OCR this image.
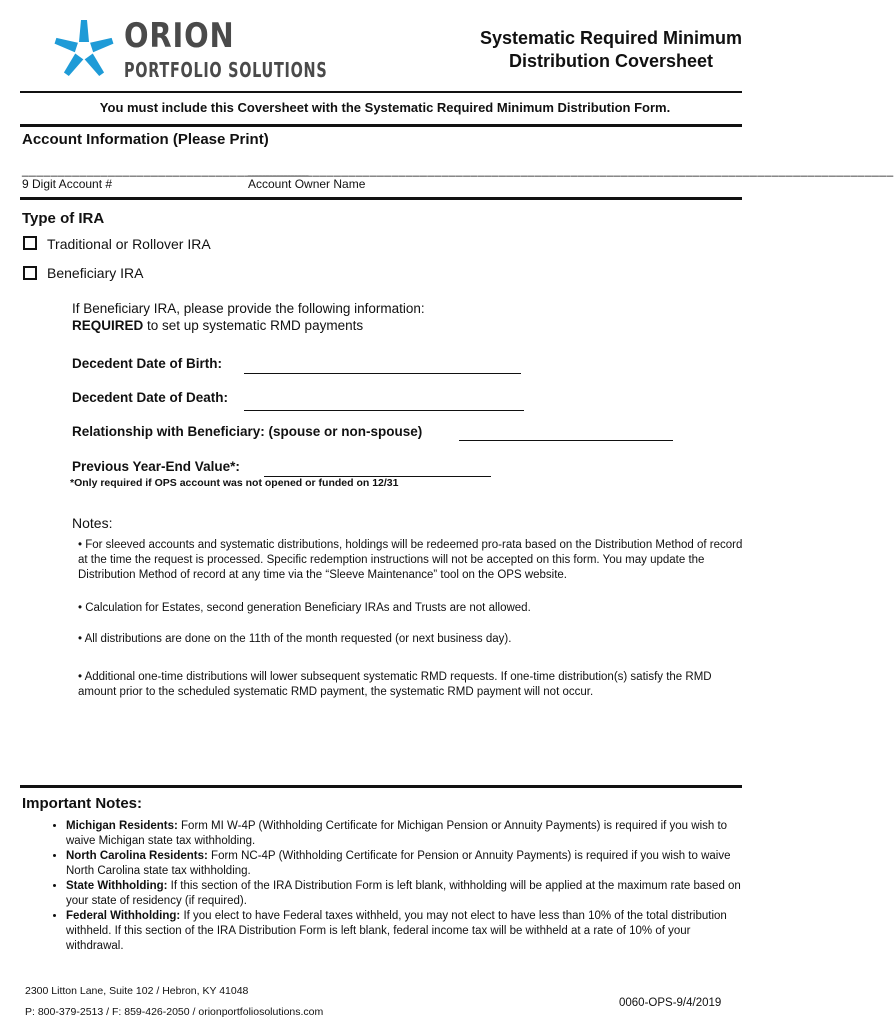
ORION
PORTFOLIO SOLUTIONS
Systematic Required Minimum
Distribution Coversheet
You must include this Coversheet with the Systematic Required Minimum Distribution Form.
Account Information (Please Print)
________________________________________
9 Digit Account #
__________________________________________________________________________________________
Account Owner Name
Type of IRA
Traditional or Rollover IRA
Beneficiary IRA
If Beneficiary IRA, please provide the following information:
REQUIRED to set up systematic RMD payments
Decedent Date of Birth:
Decedent Date of Death:
Relationship with Beneficiary: (spouse or non-spouse)
Previous Year-End Value*:
*Only required if OPS account was not opened or funded on 12/31
Notes:
• For sleeved accounts and systematic distributions, holdings will be redeemed pro-rata based on the Distribution Method of record at the time the request is processed. Specific redemption instructions will not be accepted on this form. You may update the Distribution Method of record at any time via the “Sleeve Maintenance” tool on the OPS website.
• Calculation for Estates, second generation Beneficiary IRAs and Trusts are not allowed.
• All distributions are done on the 11th of the month requested (or next business day).
• Additional one-time distributions will lower subsequent systematic RMD requests. If one-time distribution(s) satisfy the RMD amount prior to the scheduled systematic RMD payment, the systematic RMD payment will not occur.
Important Notes:
• Michigan Residents: Form MI W-4P (Withholding Certificate for Michigan Pension or Annuity Payments) is required if you wish to waive Michigan state tax withholding.
• North Carolina Residents: Form NC-4P (Withholding Certificate for Pension or Annuity Payments) is required if you wish to waive North Carolina state tax withholding.
• State Withholding: If this section of the IRA Distribution Form is left blank, withholding will be applied at the maximum rate based on your state of residency (if required).
• Federal Withholding: If you elect to have Federal taxes withheld, you may not elect to have less than 10% of the total distribution withheld. If this section of the IRA Distribution Form is left blank, federal income tax will be withheld at a rate of 10% of your withdrawal.
2300 Litton Lane, Suite 102 / Hebron, KY 41048
P: 800-379-2513 / F: 859-426-2050 / orionportfoliosolutions.com
0060-OPS-9/4/2019
